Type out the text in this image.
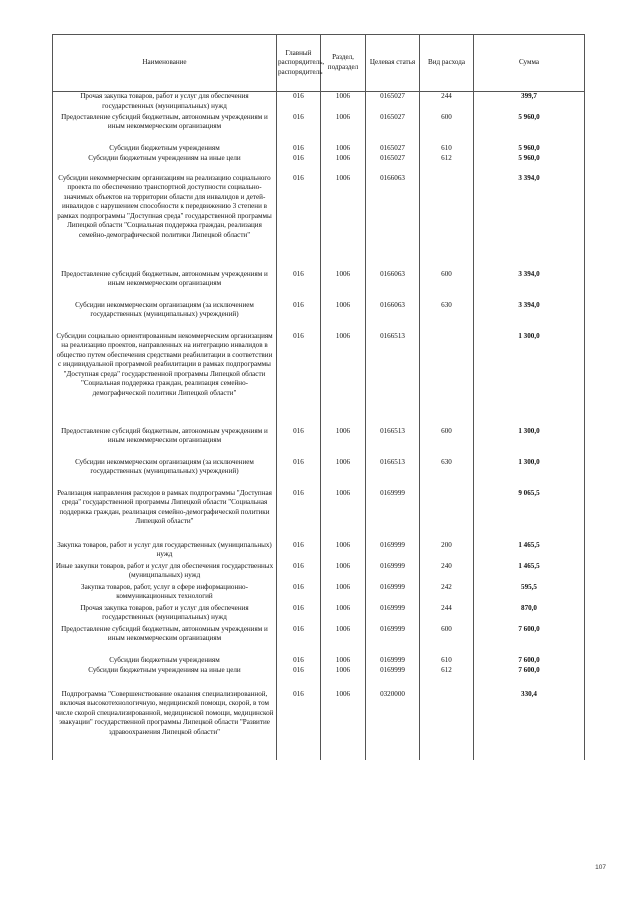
Наименование	Главный распорядитель, распорядитель	Раздел, подраздел	Целевая статья	Вид расхода	Сумма
Прочая закупка товаров, работ и услуг для обеспечения государственных (муниципальных) нужд	016	1006	0165027	244	399,7
Предоставление субсидий бюджетным, автономным учреждениям и иным некоммерческим организациям	016	1006	0165027	600	5 960,0
Субсидии бюджетным учреждениям	016	1006	0165027	610	5 960,0
Субсидии бюджетным учреждениям на иные цели	016	1006	0165027	612	5 960,0
Субсидии некоммерческим организациям на реализацию социального проекта по обеспечению транспортной доступности социально-значимых объектов на территории области для инвалидов и детей-инвалидов с нарушением способности к передвижению 3 степени в рамках подпрограммы "Доступная среда" государственной программы Липецкой области "Социальная поддержка граждан, реализация семейно-демографической политики Липецкой области"	016	1006	0166063		3 394,0
Предоставление субсидий бюджетным, автономным учреждениям и иным некоммерческим организациям	016	1006	0166063	600	3 394,0
Субсидии некоммерческим организациям (за исключением государственных (муниципальных) учреждений)	016	1006	0166063	630	3 394,0
Субсидии социально ориентированным некоммерческим организациям на реализацию проектов, направленных на интеграцию инвалидов в общество путем обеспечения средствами реабилитации в соответствии с индивидуальной программой реабилитации в рамках подпрограммы "Доступная среда" государственной программы Липецкой области "Социальная поддержка граждан, реализация семейно-демографической политики Липецкой области"	016	1006	0166513		1 300,0
Предоставление субсидий бюджетным, автономным учреждениям и иным некоммерческим организациям	016	1006	0166513	600	1 300,0
Субсидии некоммерческим организациям (за исключением государственных (муниципальных) учреждений)	016	1006	0166513	630	1 300,0
Реализация направления расходов в рамках подпрограммы "Доступная среда" государственной программы Липецкой области "Социальная поддержка граждан, реализация семейно-демографической политики Липецкой области"	016	1006	0169999		9 065,5
Закупка товаров, работ и услуг для государственных (муниципальных) нужд	016	1006	0169999	200	1 465,5
Иные закупки товаров, работ и услуг для обеспечения государственных (муниципальных) нужд	016	1006	0169999	240	1 465,5
Закупка товаров, работ, услуг в сфере информационно-коммуникационных технологий	016	1006	0169999	242	595,5
Прочая закупка товаров, работ и услуг для обеспечения государственных (муниципальных) нужд	016	1006	0169999	244	870,0
Предоставление субсидий бюджетным, автономным учреждениям и иным некоммерческим организациям	016	1006	0169999	600	7 600,0
Субсидии бюджетным учреждениям	016	1006	0169999	610	7 600,0
Субсидии бюджетным учреждениям на иные цели	016	1006	0169999	612	7 600,0
Подпрограмма "Совершенствование оказания специализированной, включая высокотехнологичную, медицинской помощи, скорой, в том числе скорой специализированной, медицинской помощи, медицинской эвакуации" государственной программы Липецкой области "Развитие здравоохранения Липецкой области"	016	1006	0320000		330,4
107
